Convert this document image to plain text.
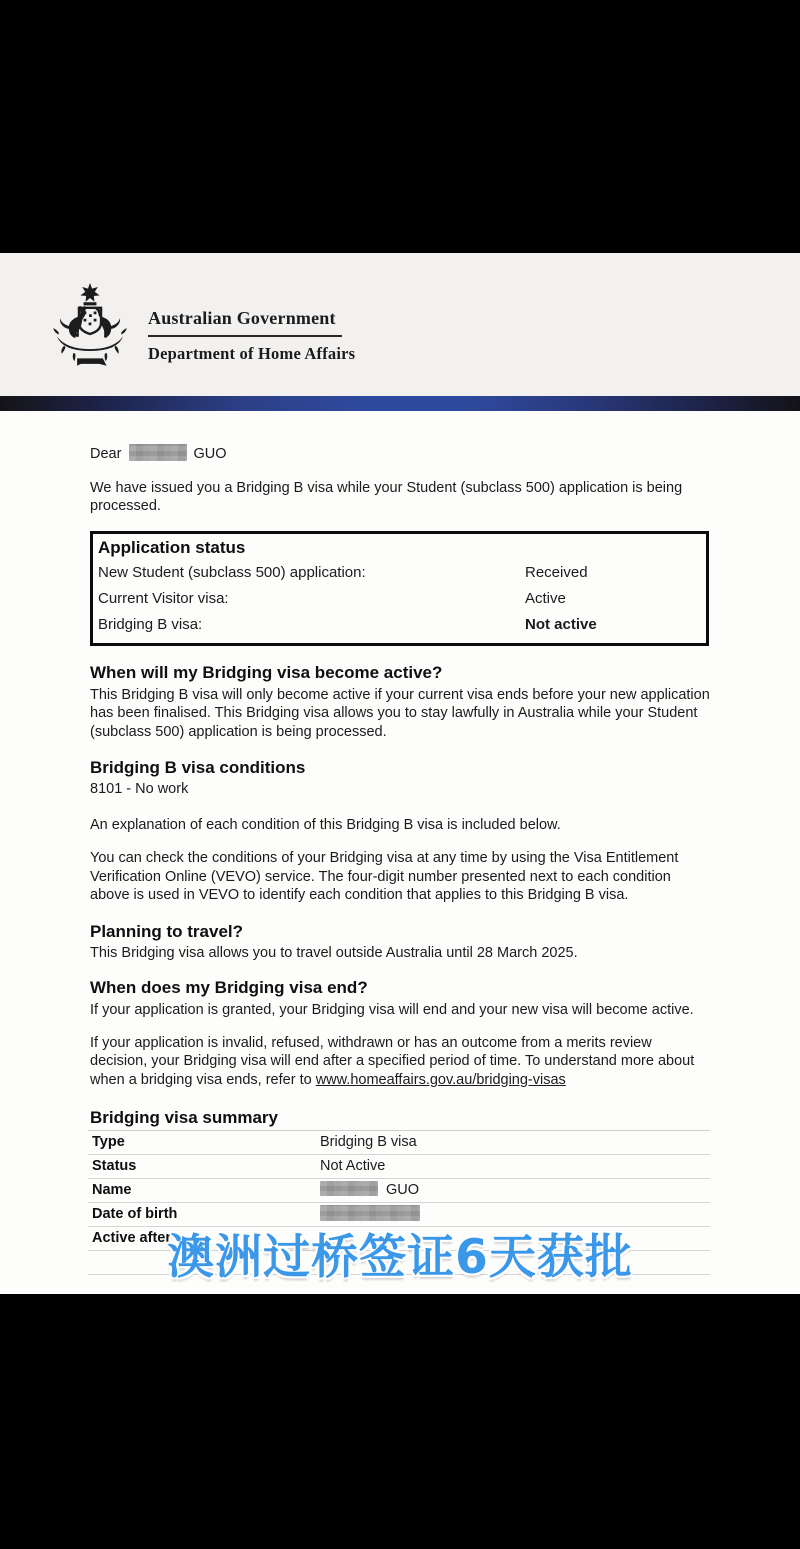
Australian Government
Department of Home Affairs
Dear	GUO

We have issued you a Bridging B visa while your Student (subclass 500) application is being processed.

Application status
New Student (subclass 500) application:	Received
Current Visitor visa:	Active
Bridging B visa:	Not active
When will my Bridging visa become active?

This Bridging B visa will only become active if your current visa ends before your new application has been finalised. This Bridging visa allows you to stay lawfully in Australia while your Student (subclass 500) application is being processed.

Bridging B visa conditions

8101 - No work

An explanation of each condition of this Bridging B visa is included below.

You can check the conditions of your Bridging visa at any time by using the Visa Entitlement Verification Online (VEVO) service. The four-digit number presented next to each condition above is used in VEVO to identify each condition that applies to this Bridging B visa.

Planning to travel?

This Bridging visa allows you to travel outside Australia until 28 March 2025.

When does my Bridging visa end?

If your application is granted, your Bridging visa will end and your new visa will become active.

If your application is invalid, refused, withdrawn or has an outcome from a merits review decision, your Bridging visa will end after a specified period of time. To understand more about when a bridging visa ends, refer to www.homeaffairs.gov.au/bridging-visas

Bridging visa summary
Type	Bridging B visa
Status	Not Active
Name	GUO
Date of birth
Active after
澳洲过桥签证6天获批
